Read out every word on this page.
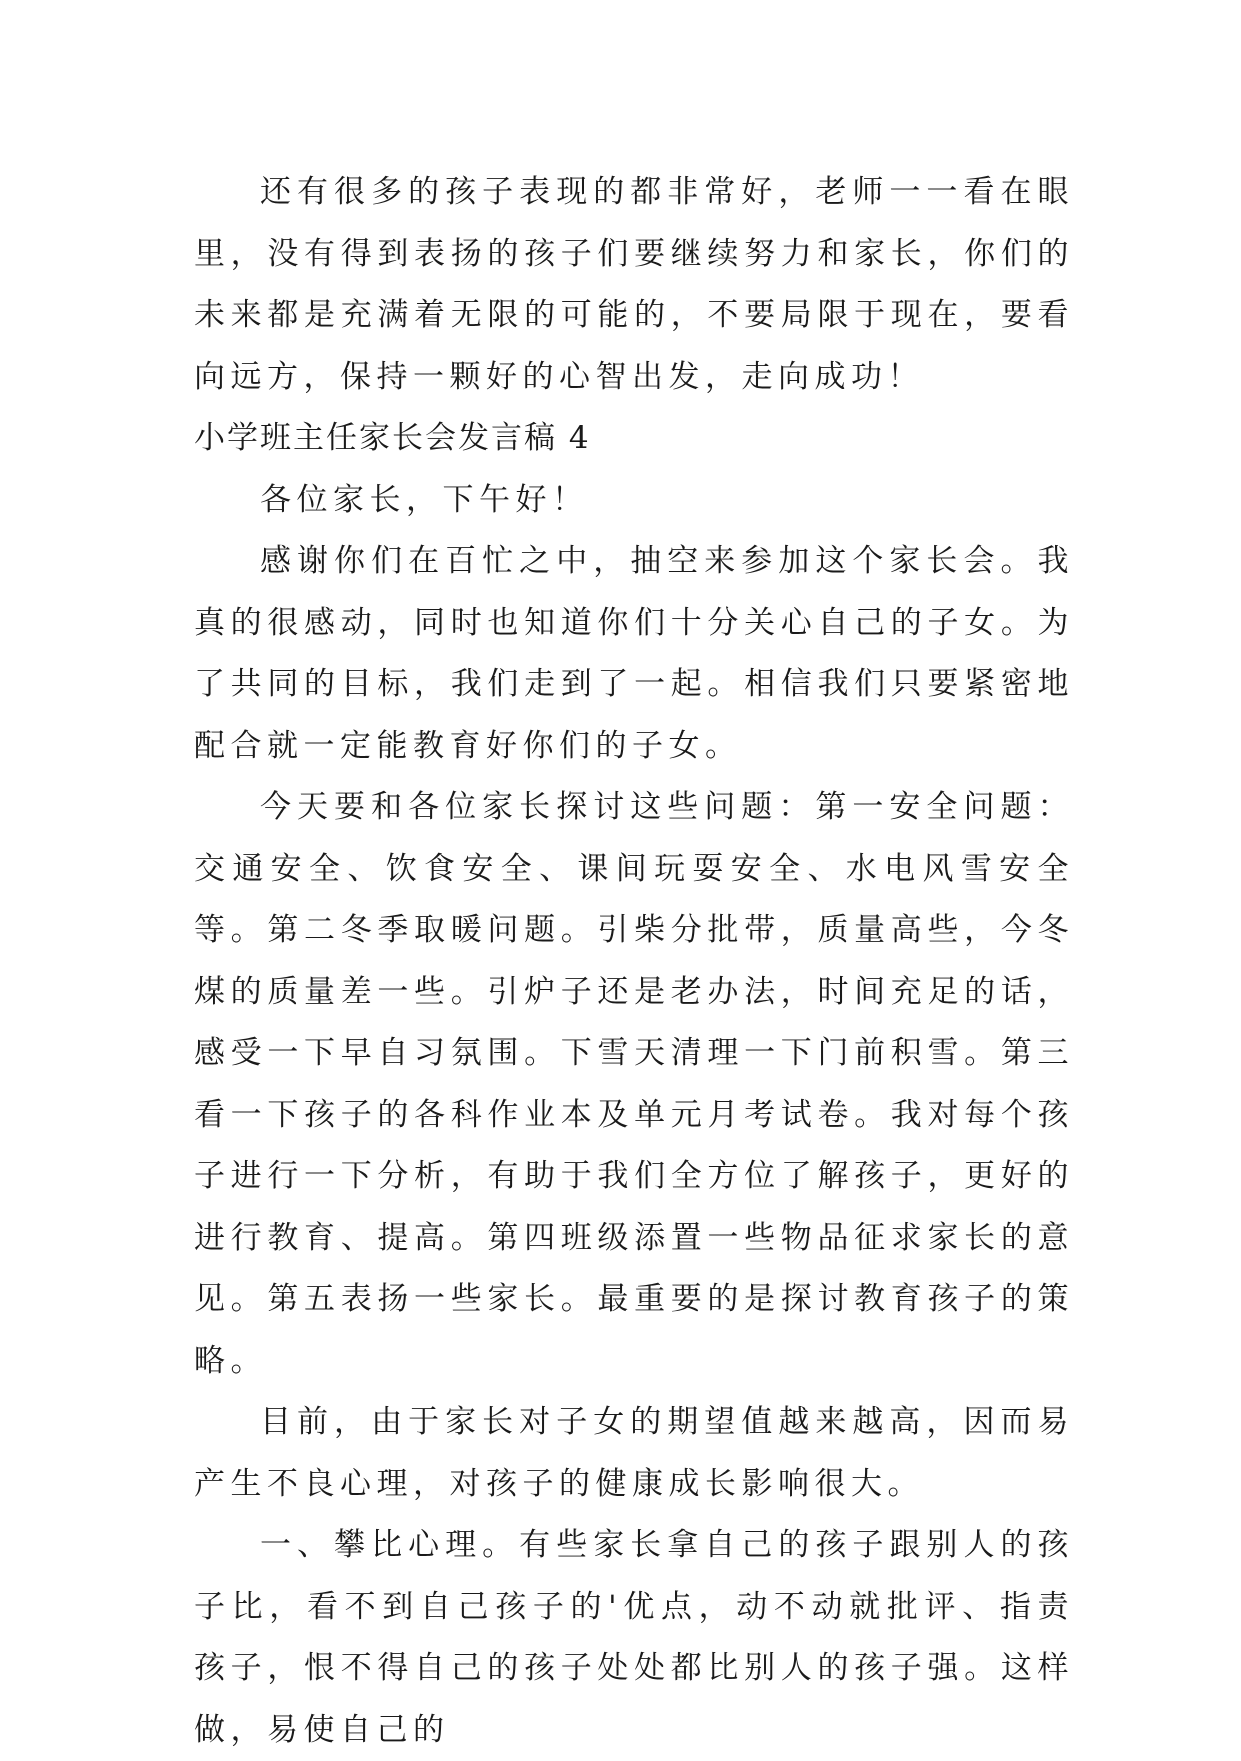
还有很多的孩子表现的都非常好，老师一一看在眼里，没有得到表扬的孩子们要继续努力和家长，你们的未来都是充满着无限的可能的，不要局限于现在，要看向远方，保持一颗好的心智出发，走向成功！

小学班主任家长会发言稿 4

各位家长，下午好！

感谢你们在百忙之中，抽空来参加这个家长会。我真的很感动，同时也知道你们十分关心自己的子女。为了共同的目标，我们走到了一起。相信我们只要紧密地配合就一定能教育好你们的子女。

今天要和各位家长探讨这些问题：第一安全问题：交通安全、饮食安全、课间玩耍安全、水电风雪安全等。第二冬季取暖问题。引柴分批带，质量高些，今冬煤的质量差一些。引炉子还是老办法，时间充足的话，感受一下早自习氛围。下雪天清理一下门前积雪。第三看一下孩子的各科作业本及单元月考试卷。我对每个孩子进行一下分析，有助于我们全方位了解孩子，更好的进行教育、提高。第四班级添置一些物品征求家长的意见。第五表扬一些家长。最重要的是探讨教育孩子的策略。

目前，由于家长对子女的期望值越来越高，因而易产生不良心理，对孩子的健康成长影响很大。

一、攀比心理。有些家长拿自己的孩子跟别人的孩子比，看不到自己孩子的'优点，动不动就批评、指责孩子，恨不得自己的孩子处处都比别人的孩子强。这样做，易使自己的
